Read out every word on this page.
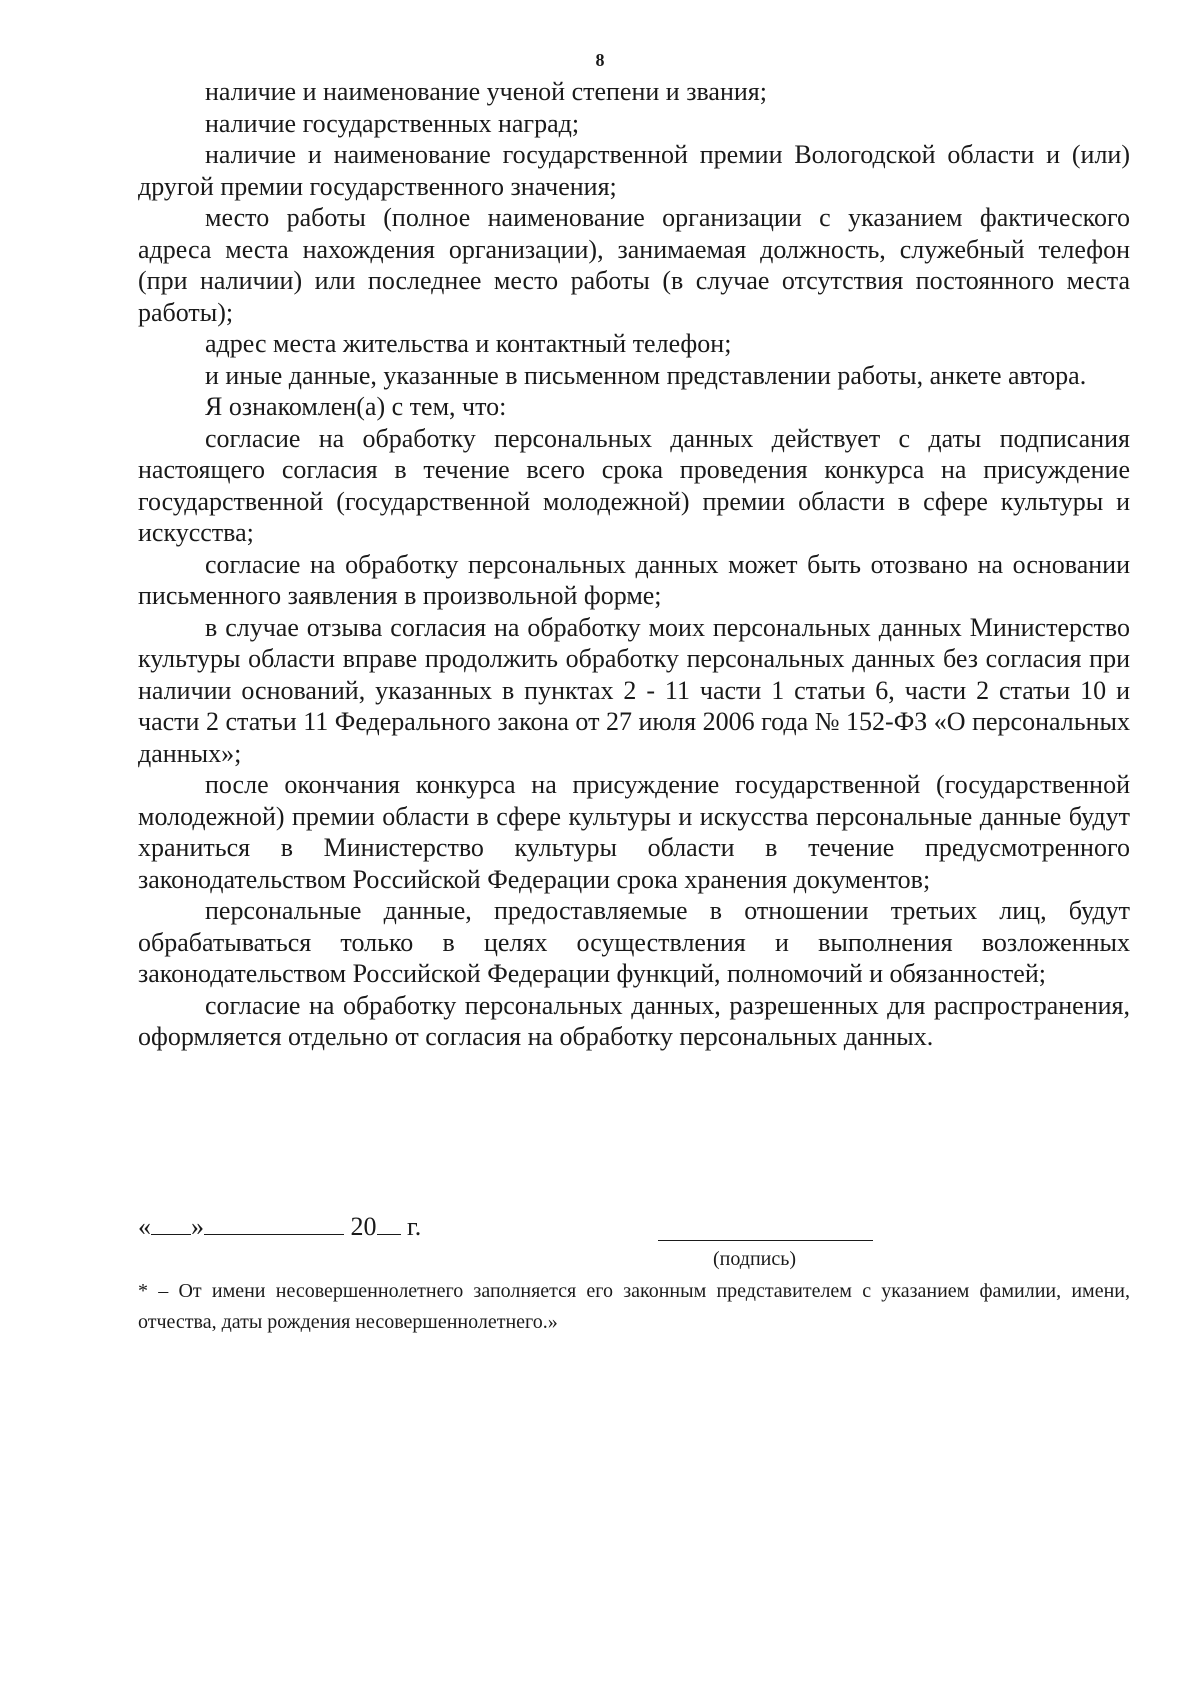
8

наличие и наименование ученой степени и звания;

наличие государственных наград;

наличие и наименование государственной премии Вологодской области и (или) другой премии государственного значения;

место работы (полное наименование организации с указанием фактического адреса места нахождения организации), занимаемая должность, служебный телефон (при наличии) или последнее место работы (в случае отсутствия постоянного места работы);

адрес места жительства и контактный телефон;

и иные данные, указанные в письменном представлении работы, анкете автора.

Я ознакомлен(а) с тем, что:

согласие на обработку персональных данных действует с даты подписания настоящего согласия в течение всего срока проведения конкурса на присуждение государственной (государственной молодежной) премии области в сфере культуры и искусства;

согласие на обработку персональных данных может быть отозвано на основании письменного заявления в произвольной форме;

в случае отзыва согласия на обработку моих персональных данных Министерство культуры области вправе продолжить обработку персональных данных без согласия при наличии оснований, указанных в пунктах 2 - 11 части 1 статьи 6, части 2 статьи 10 и части 2 статьи 11 Федерального закона от 27 июля 2006 года № 152-ФЗ «О персональных данных»;

после окончания конкурса на присуждение государственной (государственной молодежной) премии области в сфере культуры и искусства персональные данные будут храниться в Министерство культуры области в течение предусмотренного законодательством Российской Федерации срока хранения документов;

персональные данные, предоставляемые в отношении третьих лиц, будут обрабатываться только в целях осуществления и выполнения возложенных законодательством Российской Федерации функций, полномочий и обязанностей;

согласие на обработку персональных данных, разрешенных для распространения, оформляется отдельно от согласия на обработку персональных данных.

« »	20 г.
(подпись)

* – От имени несовершеннолетнего заполняется его законным представителем с указанием фамилии, имени, отчества, даты рождения несовершеннолетнего.»
